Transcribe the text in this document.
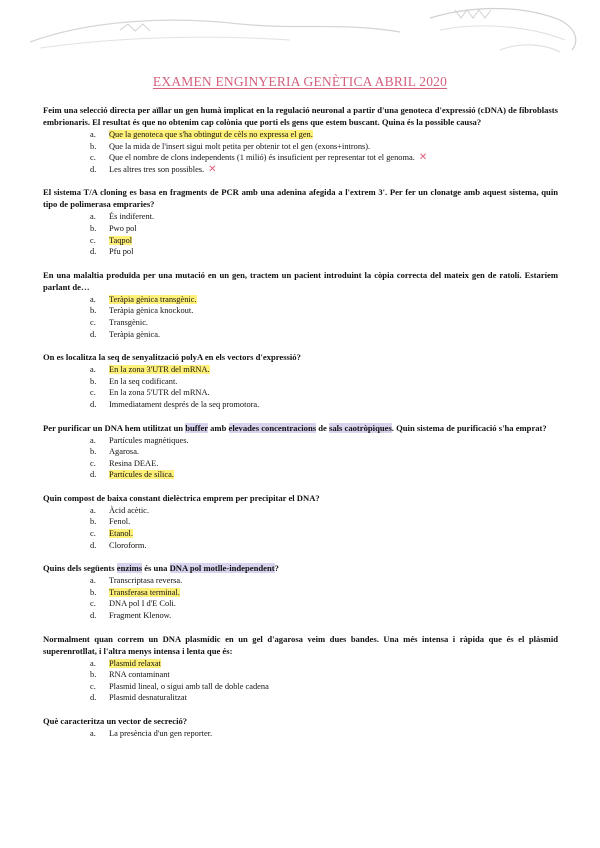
EXAMEN ENGINYERIA GENÈTICA ABRIL 2020
Feim una selecció directa per aïllar un gen humà implicat en la regulació neuronal a partir d'una genoteca d'expressió (cDNA) de fibroblasts embrionaris. El resultat és que no obtenim cap colònia que porti els gens que estem buscant. Quina és la possible causa?
a. Que la genoteca que s'ha obtingut de cèls no expressa el gen.
b. Que la mida de l'insert sigui molt petita per obtenir tot el gen (exons+introns).
c. Que el nombre de clons independents (1 milió) és insuficient per representar tot el genoma. ✕
d. Les altres tres son possibles. ✕
El sistema T/A cloning es basa en fragments de PCR amb una adenina afegida a l'extrem 3'. Per fer un clonatge amb aquest sistema, quin tipo de polimerasa empraries?
a. És indiferent.
b. Pwo pol
c. Taqpol
d. Pfu pol
En una malaltia produïda per una mutació en un gen, tractem un pacient introduint la còpia correcta del mateix gen de ratolí. Estaríem parlant de…
a. Teràpia gènica transgènic.
b. Teràpia gènica knockout.
c. Transgènic.
d. Teràpia gènica.
On es localitza la seq de senyalització polyA en els vectors d'expressió?
a. En la zona 3'UTR del mRNA.
b. En la seq codificant.
c. En la zona 5'UTR del mRNA.
d. Immediatament després de la seq promotora.
Per purificar un DNA hem utilitzat un buffer amb elevades concentracions de sals caotròpiques. Quin sistema de purificació s'ha emprat?
a. Partícules magnètiques.
b. Agarosa.
c. Resina DEAE.
d. Partícules de sílica.
Quin compost de baixa constant dielèctrica emprem per precipitar el DNA?
a. Àcid acètic.
b. Fenol.
c. Etanol.
d. Cloroform.
Quins dels següents enzims és una DNA pol motlle-independent?
a. Transcriptasa reversa.
b. Transferasa terminal.
c. DNA pol I d'E Coli.
d. Fragment Klenow.
Normalment quan correm un DNA plasmídic en un gel d'agarosa veim dues bandes. Una més intensa i ràpida que és el plàsmid superenrotllat, i l'altra menys intensa i lenta que és:
a. Plasmid relaxat
b. RNA contaminant
c. Plasmid lineal, o sigui amb tall de doble cadena
d. Plasmid desnaturalitzat
Què caracteritza un vector de secreció?
a. La presència d'un gen reporter.
